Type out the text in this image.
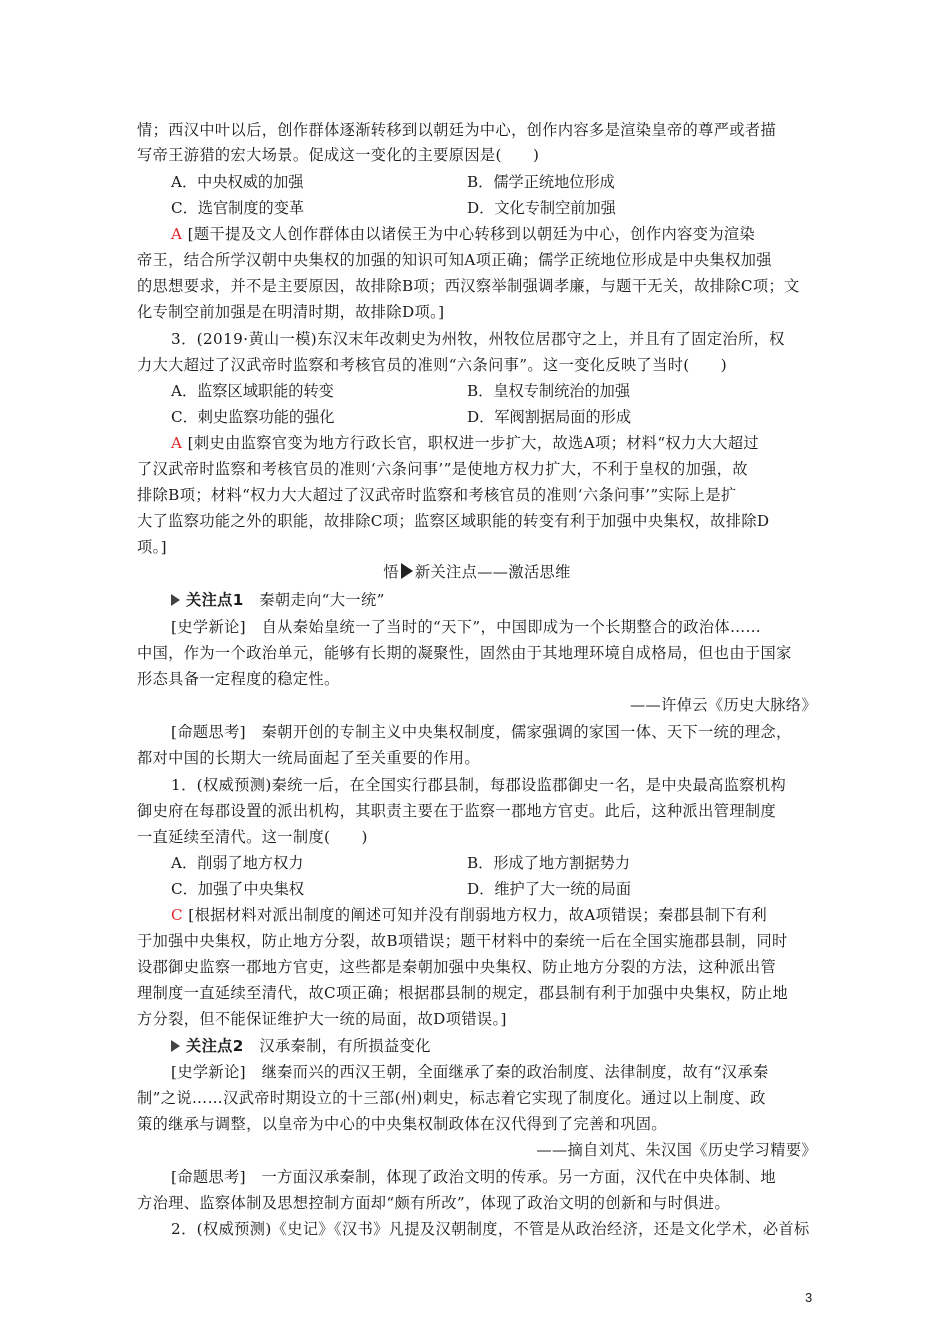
情；西汉中叶以后，创作群体逐渐转移到以朝廷为中心，创作内容多是渲染皇帝的尊严或者描
写帝王游猎的宏大场景。促成这一变化的主要原因是(　　)
A．中央权威的加强	B．儒学正统地位形成
C．选官制度的变革	D．文化专制空前加强
A [题干提及文人创作群体由以诸侯王为中心转移到以朝廷为中心，创作内容变为渲染
帝王，结合所学汉朝中央集权的加强的知识可知A项正确；儒学正统地位形成是中央集权加强
的思想要求，并不是主要原因，故排除B项；西汉察举制强调孝廉，与题干无关，故排除C项；文
化专制空前加强是在明清时期，故排除D项。]
3．(2019·黄山一模)东汉末年改刺史为州牧，州牧位居郡守之上，并且有了固定治所，权
力大大超过了汉武帝时监察和考核官员的准则“六条问事”。这一变化反映了当时(　　)
A．监察区域职能的转变	B．皇权专制统治的加强
C．刺史监察功能的强化	D．军阀割据局面的形成
A [刺史由监察官变为地方行政长官，职权进一步扩大，故选A项；材料“权力大大超过
了汉武帝时监察和考核官员的准则‘六条问事’”是使地方权力扩大，不利于皇权的加强，故
排除B项；材料“权力大大超过了汉武帝时监察和考核官员的准则‘六条问事’”实际上是扩
大了监察功能之外的职能，故排除C项；监察区域职能的转变有利于加强中央集权，故排除D
项。]
悟 新关注点——激活思维
关注点1　秦朝走向“大一统”
[史学新论]　自从秦始皇统一了当时的“天下”，中国即成为一个长期整合的政治体……
中国，作为一个政治单元，能够有长期的凝聚性，固然由于其地理环境自成格局，但也由于国家
形态具备一定程度的稳定性。
——许倬云《历史大脉络》
[命题思考]　秦朝开创的专制主义中央集权制度，儒家强调的家国一体、天下一统的理念，
都对中国的长期大一统局面起了至关重要的作用。
1．(权威预测)秦统一后，在全国实行郡县制，每郡设监郡御史一名，是中央最高监察机构
御史府在每郡设置的派出机构，其职责主要在于监察一郡地方官吏。此后，这种派出管理制度
一直延续至清代。这一制度(　　)
A．削弱了地方权力	B．形成了地方割据势力
C．加强了中央集权	D．维护了大一统的局面
C [根据材料对派出制度的阐述可知并没有削弱地方权力，故A项错误；秦郡县制下有利
于加强中央集权，防止地方分裂，故B项错误；题干材料中的秦统一后在全国实施郡县制，同时
设郡御史监察一郡地方官吏，这些都是秦朝加强中央集权、防止地方分裂的方法，这种派出管
理制度一直延续至清代，故C项正确；根据郡县制的规定，郡县制有利于加强中央集权，防止地
方分裂，但不能保证维护大一统的局面，故D项错误。]
关注点2　汉承秦制，有所损益变化
[史学新论]　继秦而兴的西汉王朝，全面继承了秦的政治制度、法律制度，故有“汉承秦
制”之说……汉武帝时期设立的十三部(州)刺史，标志着它实现了制度化。通过以上制度、政
策的继承与调整，以皇帝为中心的中央集权制政体在汉代得到了完善和巩固。
——摘自刘芃、朱汉国《历史学习精要》
[命题思考]　一方面汉承秦制，体现了政治文明的传承。另一方面，汉代在中央体制、地
方治理、监察体制及思想控制方面却“颇有所改”，体现了政治文明的创新和与时俱进。
2．(权威预测)《史记》《汉书》凡提及汉朝制度，不管是从政治经济，还是文化学术，必首标
3
